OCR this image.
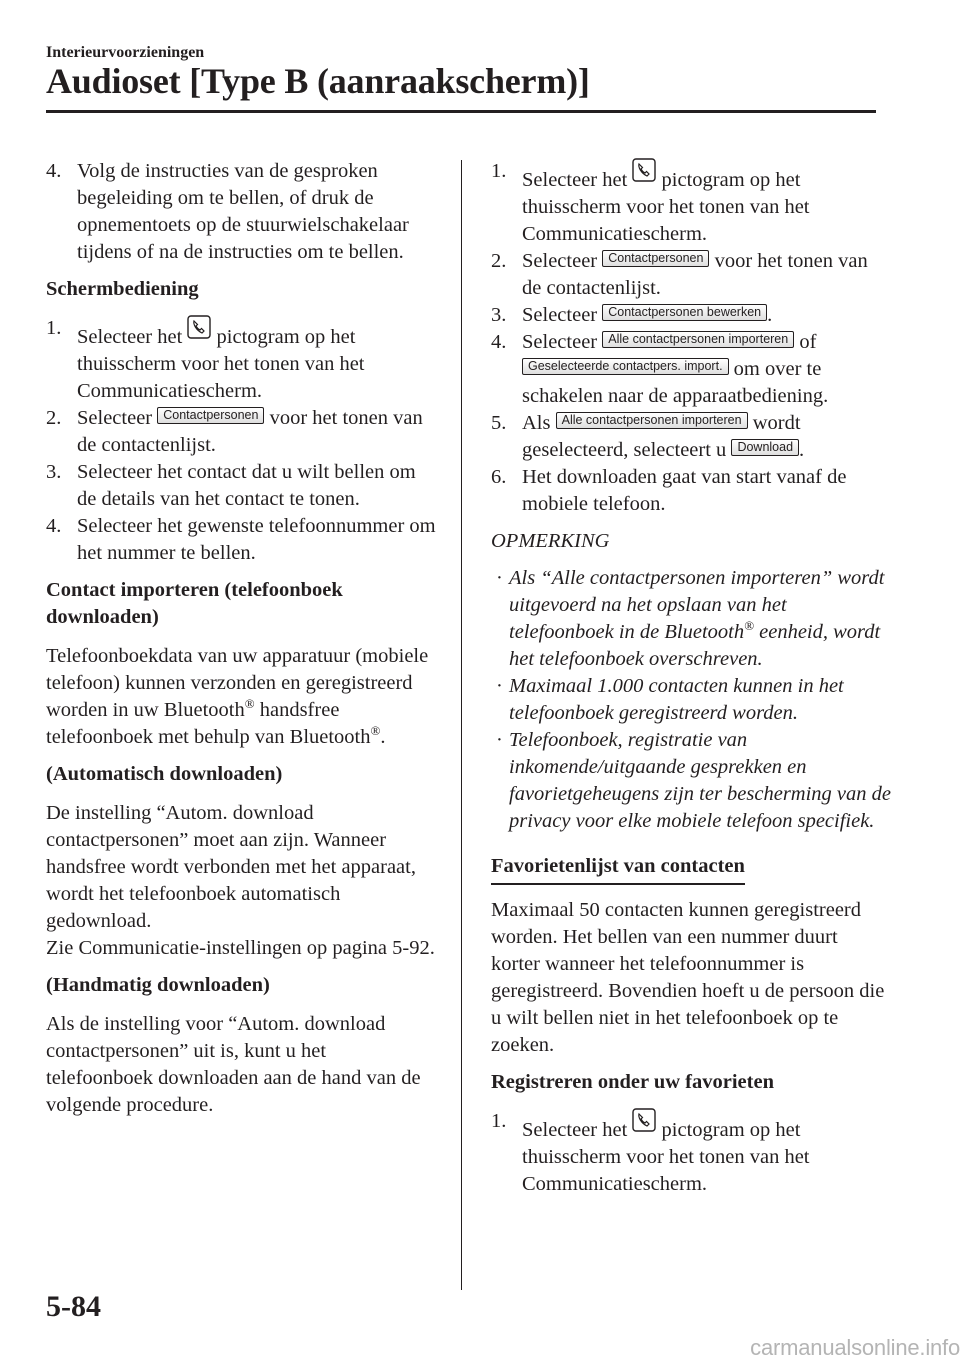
Interieurvoorzieningen
Audioset [Type B (aanraakscherm)]
4. Volg de instructies van de gesproken begeleiding om te bellen, of druk de opnementoets op de stuurwielschakelaar tijdens of na de instructies om te bellen.
Schermbediening
1. Selecteer het pictogram op het thuisscherm voor het tonen van het Communicatiescherm.
2. Selecteer Contactpersonen voor het tonen van de contactenlijst.
3. Selecteer het contact dat u wilt bellen om de details van het contact te tonen.
4. Selecteer het gewenste telefoonnummer om het nummer te bellen.
Contact importeren (telefoonboek downloaden)
Telefoonboekdata van uw apparatuur (mobiele telefoon) kunnen verzonden en geregistreerd worden in uw Bluetooth® handsfree telefoonboek met behulp van Bluetooth®.
(Automatisch downloaden)
De instelling “Autom. download contactpersonen” moet aan zijn. Wanneer handsfree wordt verbonden met het apparaat, wordt het telefoonboek automatisch gedownload.
Zie Communicatie-instellingen op pagina 5-92.
(Handmatig downloaden)
Als de instelling voor “Autom. download contactpersonen” uit is, kunt u het telefoonboek downloaden aan de hand van de volgende procedure.
1. Selecteer het pictogram op het thuisscherm voor het tonen van het Communicatiescherm.
2. Selecteer Contactpersonen voor het tonen van de contactenlijst.
3. Selecteer Contactpersonen bewerken .
4. Selecteer Alle contactpersonen importeren of Geselecteerde contactpers. import. om over te schakelen naar de apparaatbediening.
5. Als Alle contactpersonen importeren wordt geselecteerd, selecteert u Download .
6. Het downloaden gaat van start vanaf de mobiele telefoon.
OPMERKING
· Als “Alle contactpersonen importeren” wordt uitgevoerd na het opslaan van het telefoonboek in de Bluetooth® eenheid, wordt het telefoonboek overschreven.
· Maximaal 1.000 contacten kunnen in het telefoonboek geregistreerd worden.
· Telefoonboek, registratie van inkomende/uitgaande gesprekken en favorietgeheugens zijn ter bescherming van de privacy voor elke mobiele telefoon specifiek.
Favorietenlijst van contacten
Maximaal 50 contacten kunnen geregistreerd worden. Het bellen van een nummer duurt korter wanneer het telefoonnummer is geregistreerd. Bovendien hoeft u de persoon die u wilt bellen niet in het telefoonboek op te zoeken.
Registreren onder uw favorieten
1. Selecteer het pictogram op het thuisscherm voor het tonen van het Communicatiescherm.
5-84
carmanualsonline.info
